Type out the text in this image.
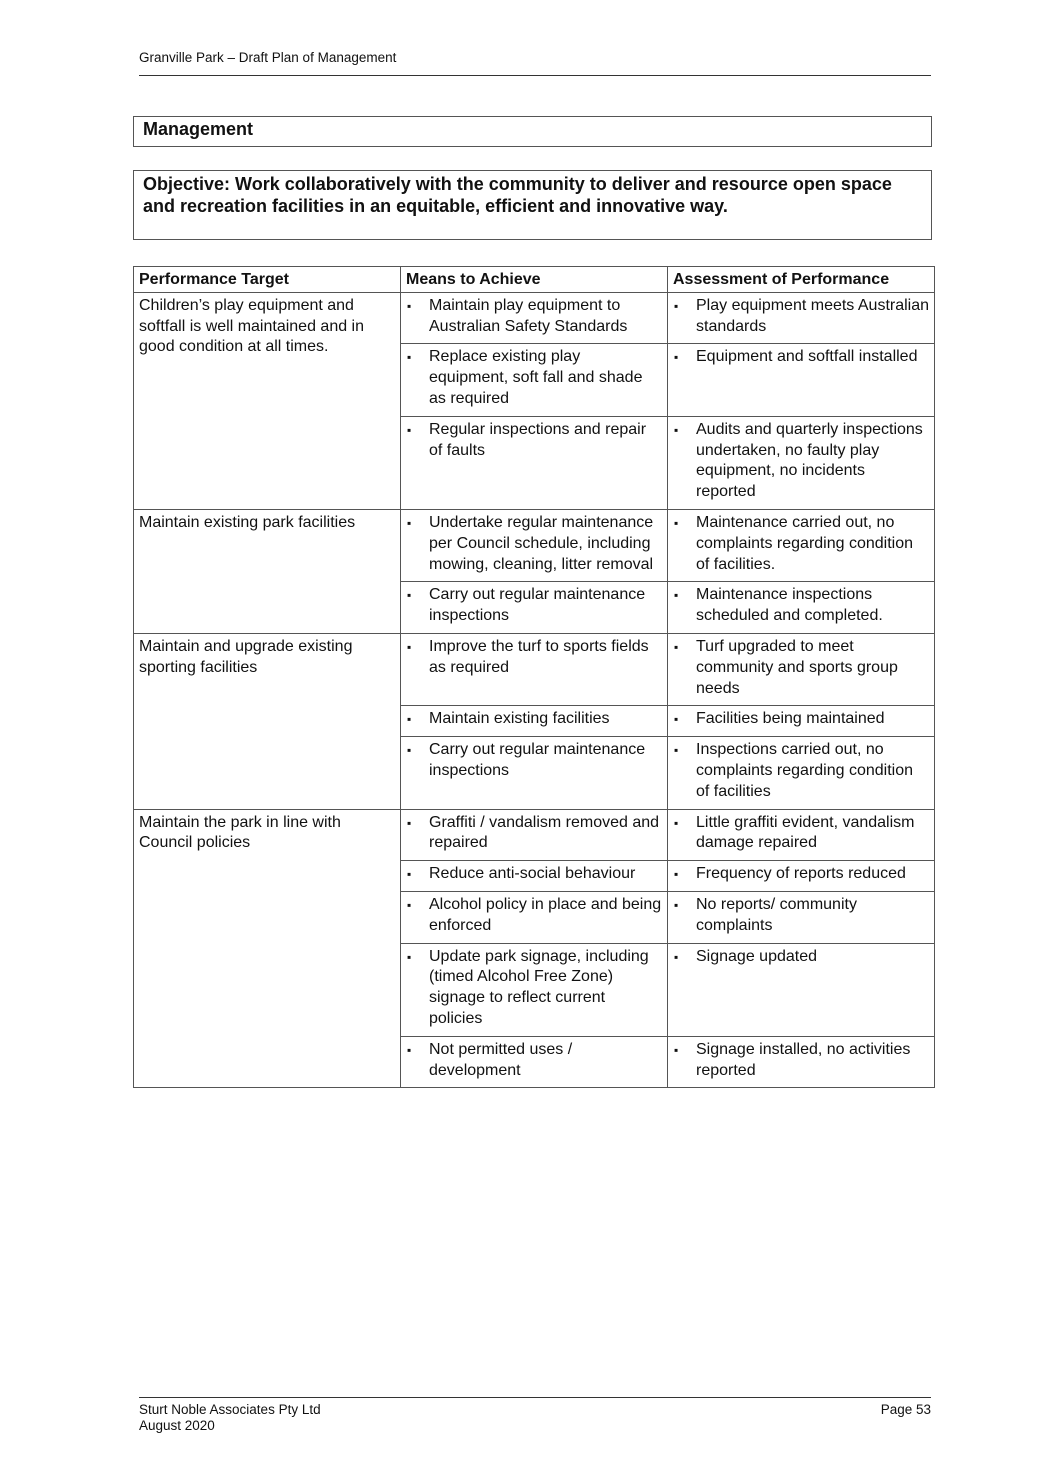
Granville Park – Draft Plan of Management
Management
Objective: Work collaboratively with the community to deliver and resource open space and recreation facilities in an equitable, efficient and innovative way.
Performance Target	Means to Achieve	Assessment of Performance
Children’s play equipment and softfall is well maintained and in good condition at all times.	▪ Maintain play equipment to Australian Safety Standards	▪ Play equipment meets Australian standards

	▪ Replace existing play equipment, soft fall and shade as required	▪ Equipment and softfall installed

	▪ Regular inspections and repair of faults	▪ Audits and quarterly inspections undertaken, no faulty play equipment, no incidents reported
Maintain existing park facilities	▪ Undertake regular maintenance per Council schedule, including mowing, cleaning, litter removal	▪ Maintenance carried out, no complaints regarding condition of facilities.

	▪ Carry out regular maintenance inspections	▪ Maintenance inspections scheduled and completed.
Maintain and upgrade existing sporting facilities	▪ Improve the turf to sports fields as required	▪ Turf upgraded to meet community and sports group needs

	▪ Maintain existing facilities	▪ Facilities being maintained

	▪ Carry out regular maintenance inspections	▪ Inspections carried out, no complaints regarding condition of facilities
Maintain the park in line with Council policies	▪ Graffiti / vandalism removed and repaired	▪ Little graffiti evident, vandalism damage repaired

	▪ Reduce anti-social behaviour	▪ Frequency of reports reduced

	▪ Alcohol policy in place and being enforced	▪ No reports/ community complaints

	▪ Update park signage, including (timed Alcohol Free Zone) signage to reflect current policies	▪ Signage updated

	▪ Not permitted uses / development	▪ Signage installed, no activities reported
Sturt Noble Associates Pty Ltd
August 2020
Page 53
